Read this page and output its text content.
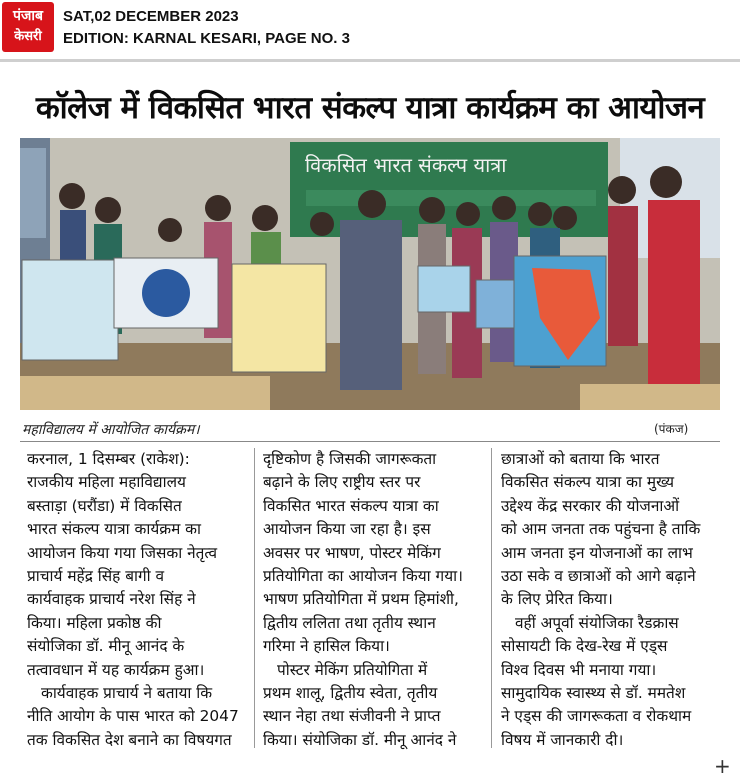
पंजाब
केसरी
SAT,02 DECEMBER 2023
EDITION: KARNAL KESARI, PAGE NO. 3
कॉलेज में विकसित भारत संकल्प यात्रा कार्यक्रम का आयोजन
विकसित भारत संकल्प यात्रा
महाविद्यालय में आयोजित कार्यक्रम।	(पंकज)

करनाल, 1 दिसम्बर (राकेश):

राजकीय महिला महाविद्यालय

बस्ताड़ा (घरौंडा) में विकसित

भारत संकल्प यात्रा कार्यक्रम का

आयोजन किया गया जिसका नेतृत्व

प्राचार्य महेंद्र सिंह बागी व

कार्यवाहक प्राचार्य नरेश सिंह ने

किया। महिला प्रकोष्ठ की

संयोजिका डॉ. मीनू आनंद के

तत्वावधान में यह कार्यक्रम हुआ।

कार्यवाहक प्राचार्य ने बताया कि

नीति आयोग के पास भारत को 2047

तक विकसित देश बनाने का विषयगत

दृष्टिकोण है जिसकी जागरूकता

बढ़ाने के लिए राष्ट्रीय स्तर पर

विकसित भारत संकल्प यात्रा का

आयोजन किया जा रहा है। इस

अवसर पर भाषण, पोस्टर मेकिंग

प्रतियोगिता का आयोजन किया गया।

भाषण प्रतियोगिता में प्रथम हिमांशी,

द्वितीय ललिता तथा तृतीय स्थान

गरिमा ने हासिल किया।

पोस्टर मेकिंग प्रतियोगिता में

प्रथम शालू, द्वितीय स्वेता, तृतीय

स्थान नेहा तथा संजीवनी ने प्राप्त

किया। संयोजिका डॉ. मीनू आनंद ने

छात्राओं को बताया कि भारत

विकसित संकल्प यात्रा का मुख्य

उद्देश्य केंद्र सरकार की योजनाओं

को आम जनता तक पहुंचना है ताकि

आम जनता इन योजनाओं का लाभ

उठा सके व छात्राओं को आगे बढ़ाने

के लिए प्रेरित किया।

वहीं अपूर्वा संयोजिका रैडक्रास

सोसायटी कि देख-रेख में एड्स

विश्व दिवस भी मनाया गया।

सामुदायिक स्वास्थ्य से डॉ. ममतेश

ने एड्स की जागरूकता व रोकथाम

विषय में जानकारी दी।

+
